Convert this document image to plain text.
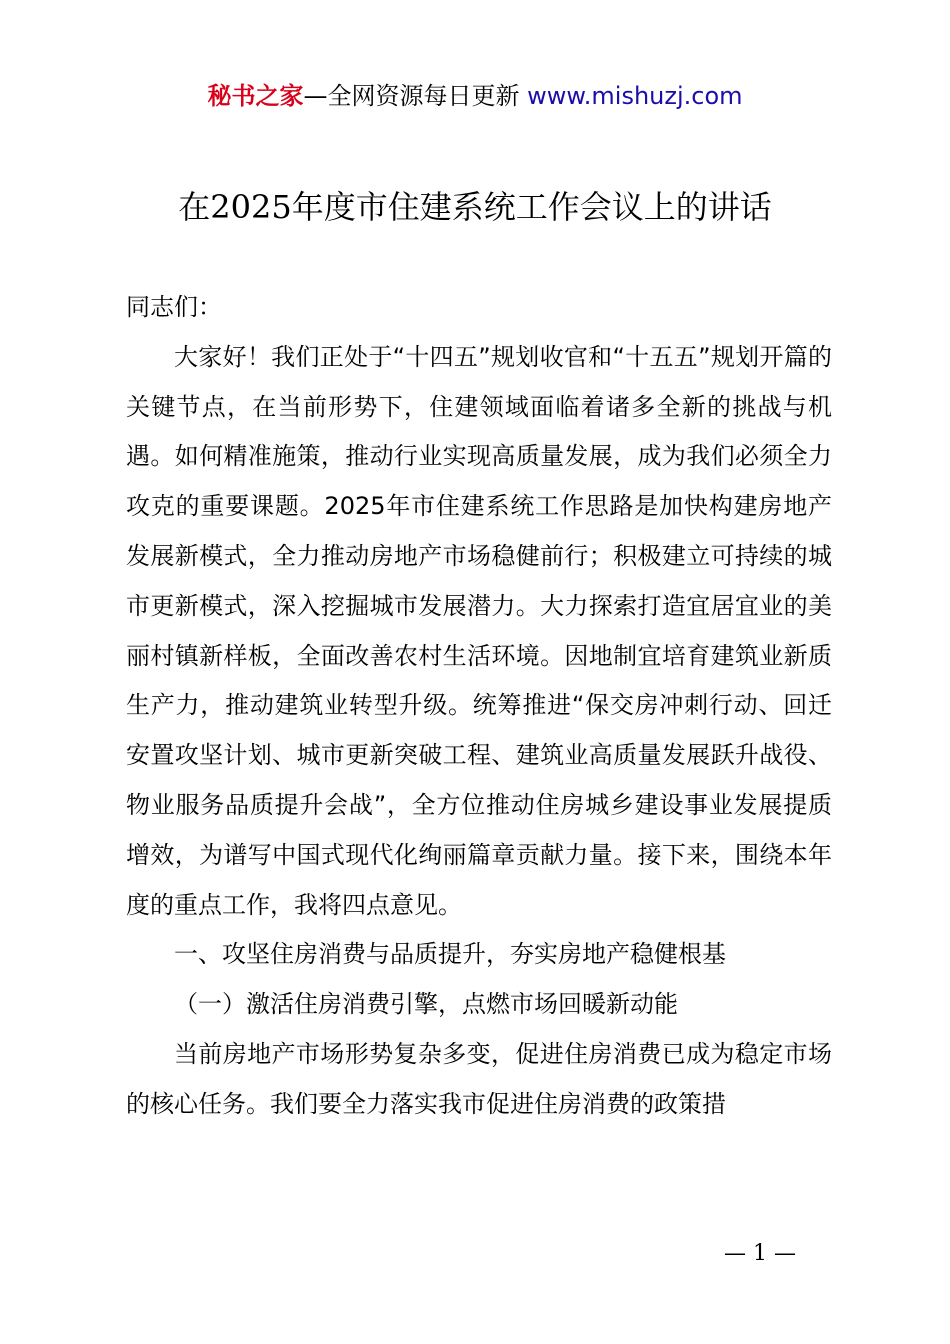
秘书之家—全网资源每日更新 www.mishuzj.com
在2025年度市住建系统工作会议上的讲话

同志们：

大家好！我们正处于“十四五”规划收官和“十五五”规划开篇的关键节点，在当前形势下，住建领域面临着诸多全新的挑战与机遇。如何精准施策，推动行业实现高质量发展，成为我们必须全力攻克的重要课题。2025年市住建系统工作思路是加快构建房地产发展新模式，全力推动房地产市场稳健前行；积极建立可持续的城市更新模式，深入挖掘城市发展潜力。大力探索打造宜居宜业的美丽村镇新样板，全面改善农村生活环境。因地制宜培育建筑业新质生产力，推动建筑业转型升级。统筹推进“保交房冲刺行动、回迁安置攻坚计划、城市更新突破工程、建筑业高质量发展跃升战役、物业服务品质提升会战”，全方位推动住房城乡建设事业发展提质增效，为谱写中国式现代化绚丽篇章贡献力量。接下来，围绕本年度的重点工作，我将四点意见。

一、攻坚住房消费与品质提升，夯实房地产稳健根基

（一）激活住房消费引擎，点燃市场回暖新动能

当前房地产市场形势复杂多变，促进住房消费已成为稳定市场的核心任务。我们要全力落实我市促进住房消费的政策措

— 1 —
